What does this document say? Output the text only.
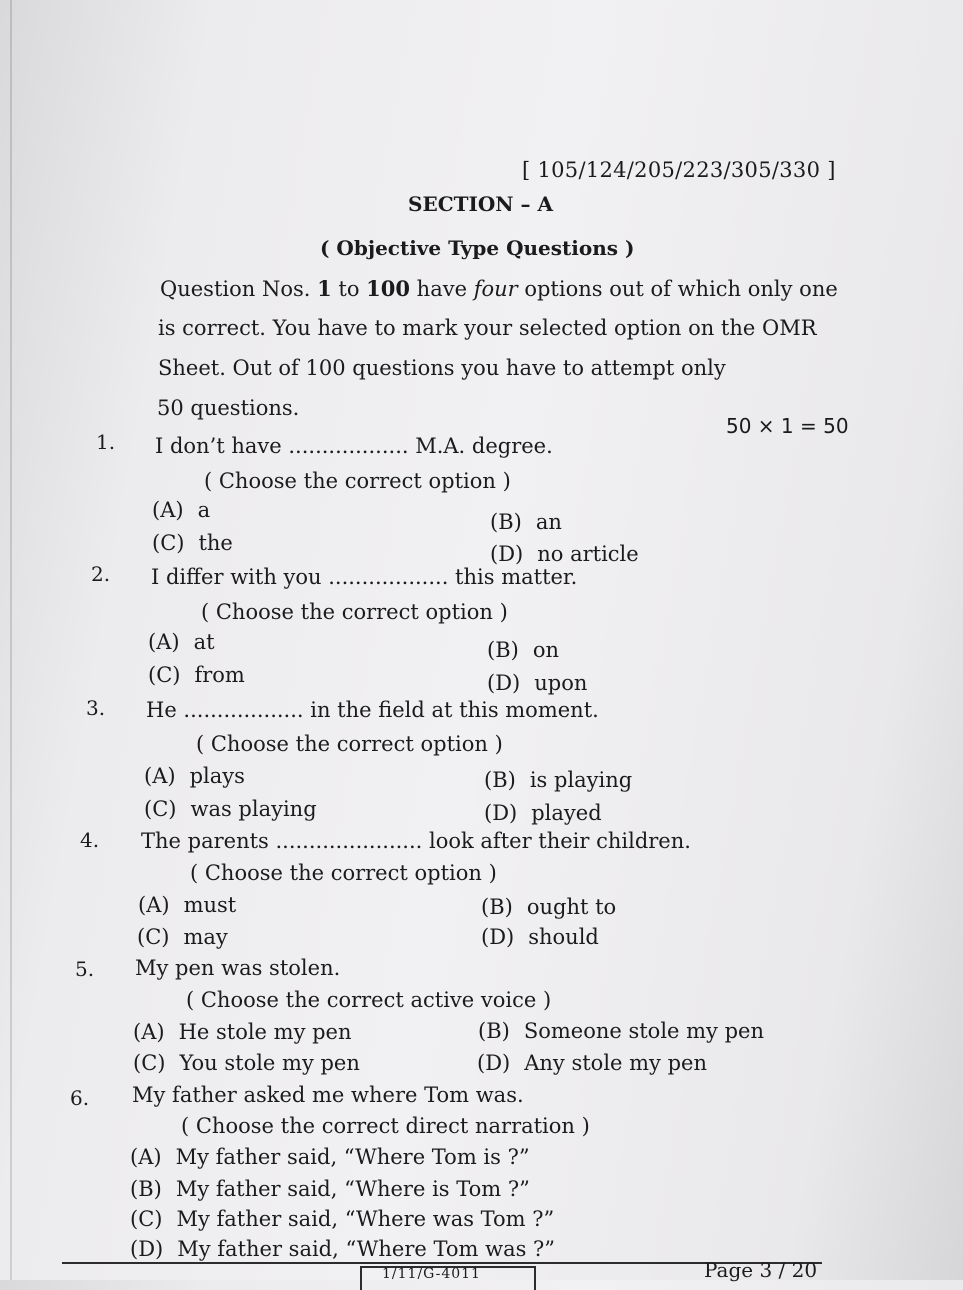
[ 105/124/205/223/305/330 ]
SECTION – A
( Objective Type Questions )
Question Nos. 1 to 100 have four options out of which only one
is correct. You have to mark your selected option on the OMR
Sheet. Out of 100 questions you have to attempt only
50 questions.
50 × 1 = 50
1. I don’t have .................. M.A. degree.
( Choose the correct option )
(A) a	(B) an
(C) the	(D) no article
2. I differ with you .................. this matter.
( Choose the correct option )
(A) at	(B) on
(C) from	(D) upon
3. He .................. in the field at this moment.
( Choose the correct option )
(A) plays	(B) is playing
(C) was playing	(D) played
4. The parents ...................... look after their children.
( Choose the correct option )
(A) must	(B) ought to
(C) may	(D) should
5. My pen was stolen.
( Choose the correct active voice )
(A) He stole my pen	(B) Someone stole my pen
(C) You stole my pen	(D) Any stole my pen
6. My father asked me where Tom was.
( Choose the correct direct narration )
(A) My father said, “Where Tom is ?”
(B) My father said, “Where is Tom ?”
(C) My father said, “Where was Tom ?”
(D) My father said, “Where Tom was ?”
1/11/G-4011	Page 3 / 20
